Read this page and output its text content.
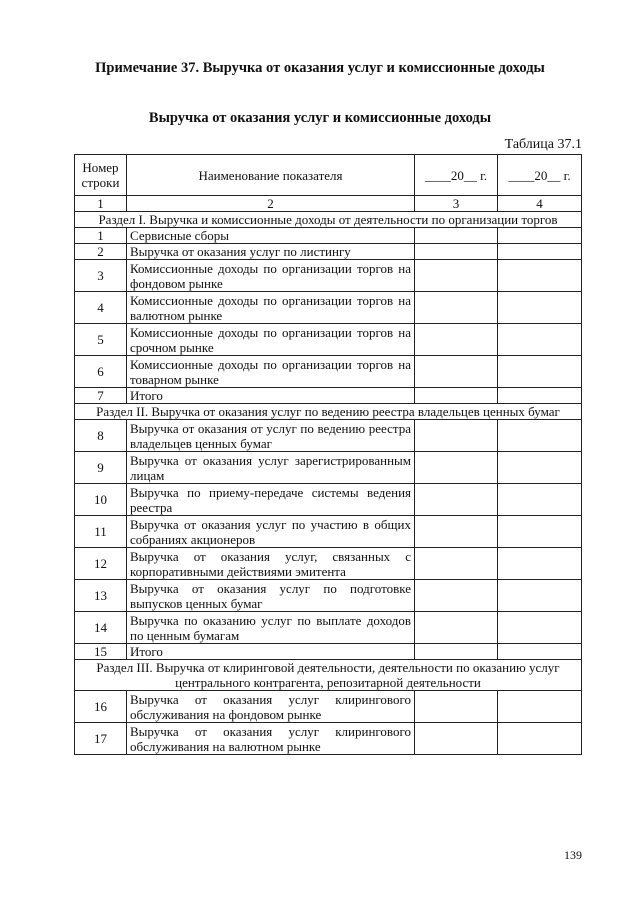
Примечание 37. Выручка от оказания услуг и комиссионные доходы
Выручка от оказания услуг и комиссионные доходы
Таблица 37.1
Номер строки	Наименование показателя	____20__ г.	____20__ г.
1	2	3	4
Раздел I. Выручка и комиссионные доходы от деятельности по организации торгов			
1	Сервисные сборы		
2	Выручка от оказания услуг по листингу		
3	Комиссионные доходы по организации торгов на фондовом рынке		
4	Комиссионные доходы по организации торгов на валютном рынке		
5	Комиссионные доходы по организации торгов на срочном рынке		
6	Комиссионные доходы по организации торгов на товарном рынке		
7	Итого		
Раздел II. Выручка от оказания услуг по ведению реестра владельцев ценных бумаг			
8	Выручка от оказания от услуг по ведению реестра владельцев ценных бумаг		
9	Выручка от оказания услуг зарегистрированным лицам		
10	Выручка по приему-передаче системы ведения реестра		
11	Выручка от оказания услуг по участию в общих собраниях акционеров		
12	Выручка от оказания услуг, связанных с корпоративными действиями эмитента		
13	Выручка от оказания услуг по подготовке выпусков ценных бумаг		
14	Выручка по оказанию услуг по выплате доходов по ценным бумагам		
15	Итого		
Раздел III. Выручка от клиринговой деятельности, деятельности по оказанию услуг центрального контрагента, репозитарной деятельности			
16	Выручка от оказания услуг клирингового обслуживания на фондовом рынке		
17	Выручка от оказания услуг клирингового обслуживания на валютном рынке		
139
